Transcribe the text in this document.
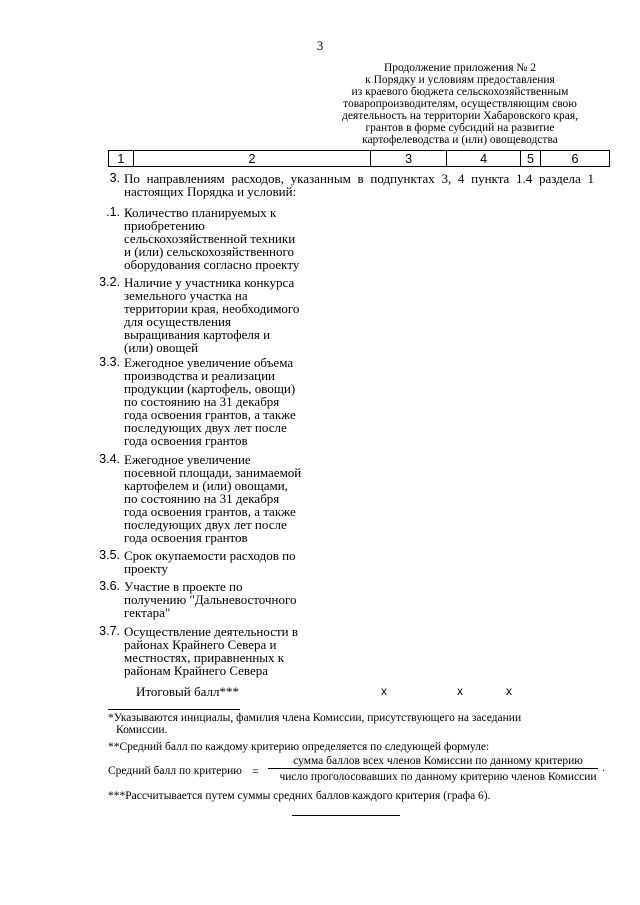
3
Продолжение приложения № 2
к Порядку и условиям предоставления
из краевого бюджета сельскохозяйственным
товаропроизводителям, осуществляющим свою
деятельность на территории Хабаровского края,
грантов в форме субсидий на развитие
картофелеводства и (или) овощеводства
1	2	3	4	5	6
3. По направлениям расходов, указанным в подпунктах 3, 4 пункта 1.4 раздела 1 настоящих Порядка и условий:
.1. Количество планируемых к
приобретению
сельскохозяйственной техники
и (или) сельскохозяйственного
оборудования согласно проекту
3.2. Наличие у участника конкурса
земельного участка на
территории края, необходимого
для осуществления
выращивания картофеля и
(или) овощей
3.3. Ежегодное увеличение объема
производства и реализации
продукции (картофель, овощи)
по состоянию на 31 декабря
года освоения грантов, а также
последующих двух лет после
года освоения грантов
3.4. Ежегодное увеличение
посевной площади, занимаемой
картофелем и (или) овощами,
по состоянию на 31 декабря
года освоения грантов, а также
последующих двух лет после
года освоения грантов
3.5. Срок окупаемости расходов по
проекту
3.6. Участие в проекте по
получению "Дальневосточного
гектара"
3.7. Осуществление деятельности в
районах Крайнего Севера и
местностях, приравненных к
районам Крайнего Севера
Итоговый балл***	x	x	x
*Указываются инициалы, фамилия члена Комиссии, присутствующего на заседании
Комиссии.
**Средний балл по каждому критерию определяется по следующей формуле:
Средний балл по критерию =
сумма баллов всех членов Комиссии по данному критерию
число проголосовавших по данному критерию членов Комиссии
.
***Рассчитывается путем суммы средних баллов каждого критерия (графа 6).
